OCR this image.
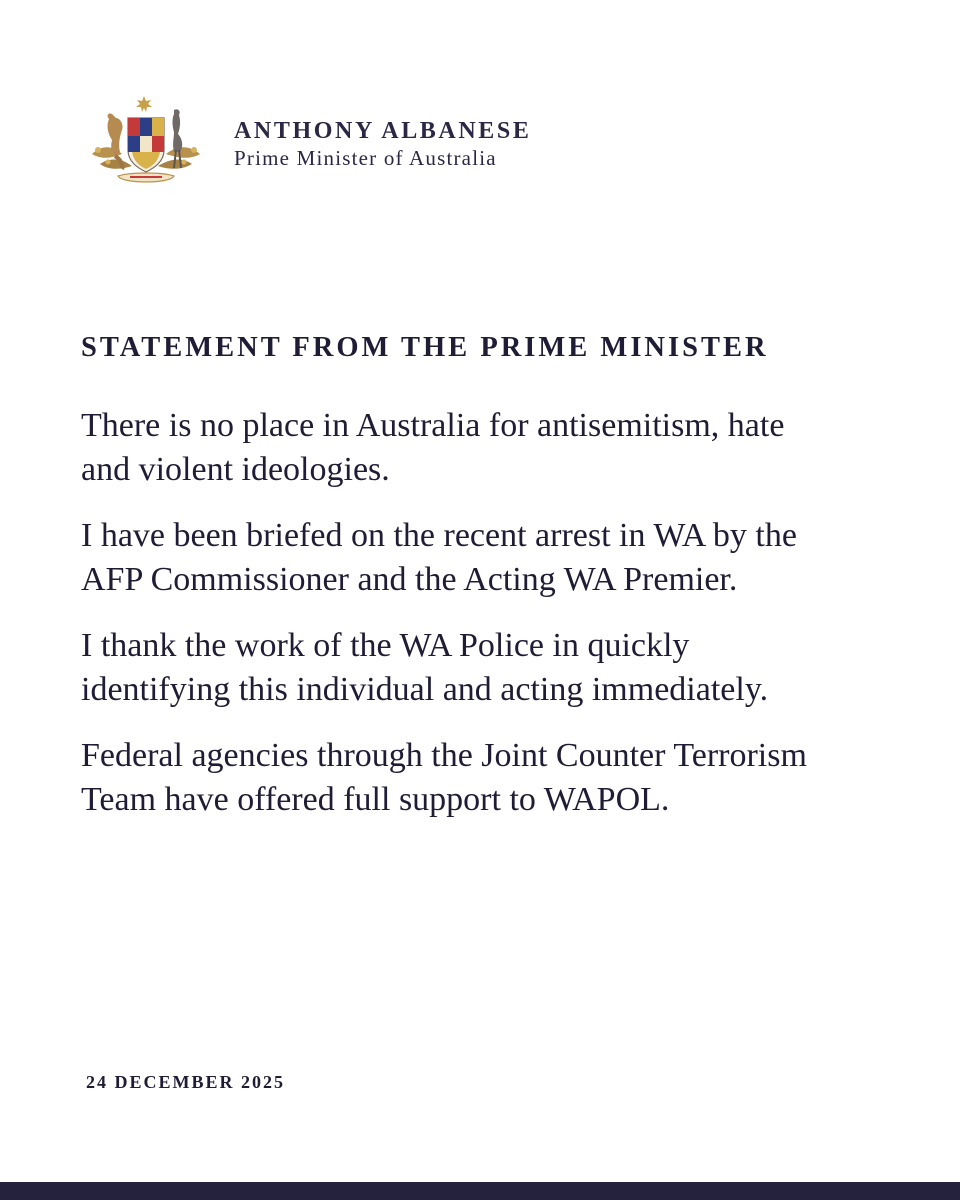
ANTHONY ALBANESE
Prime Minister of Australia
STATEMENT FROM THE PRIME MINISTER

There is no place in Australia for antisemitism, hate
and violent ideologies.

I have been briefed on the recent arrest in WA by the
AFP Commissioner and the Acting WA Premier.

I thank the work of the WA Police in quickly
identifying this individual and acting immediately.

Federal agencies through the Joint Counter Terrorism
Team have offered full support to WAPOL.

24 DECEMBER 2025
